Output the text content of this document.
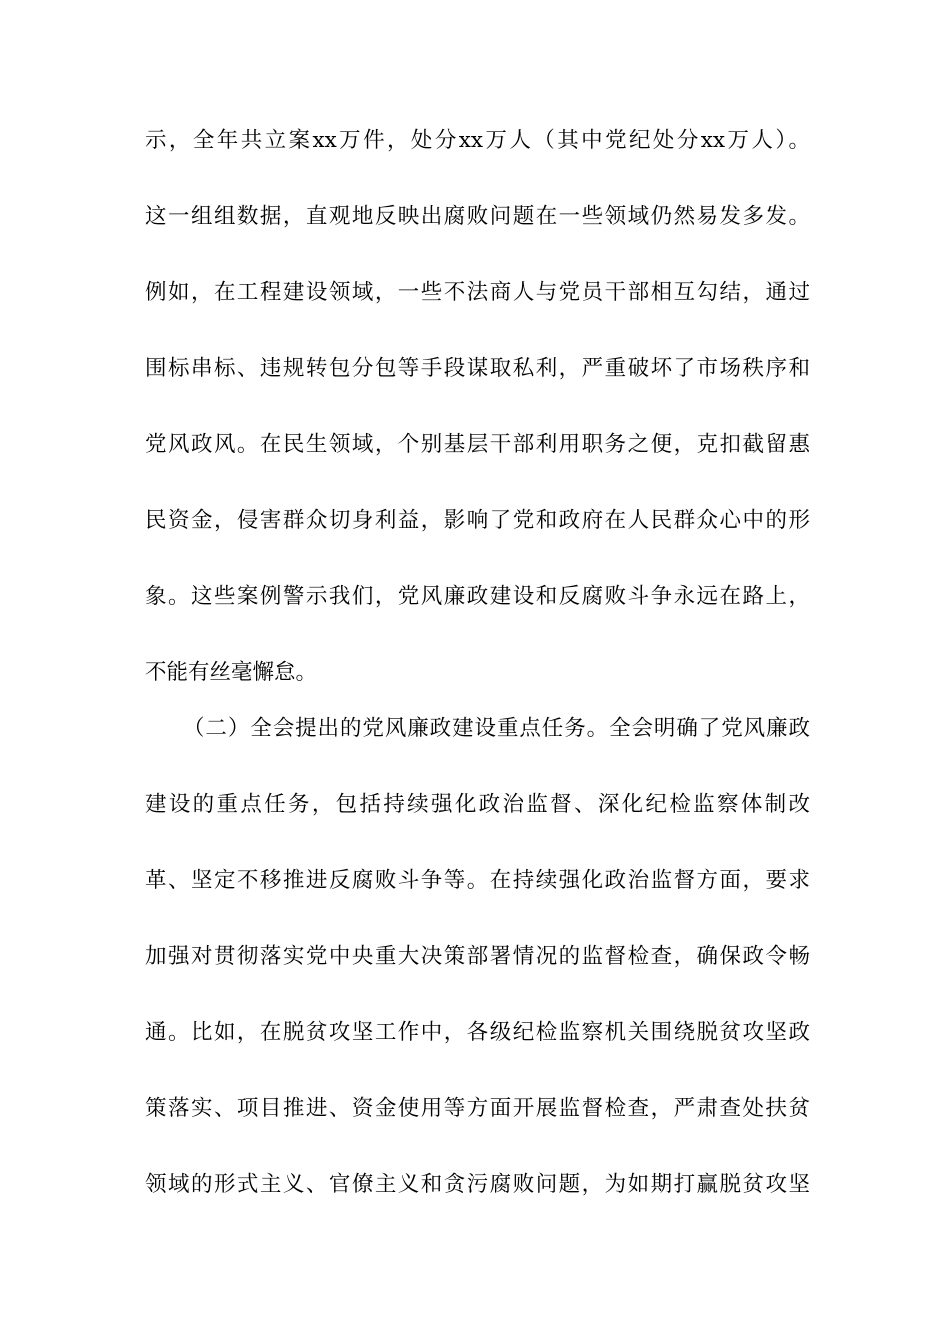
示，全年共立案xx万件，处分xx万人（其中党纪处分xx万人）。
这一组组数据，直观地反映出腐败问题在一些领域仍然易发多发。
例如，在工程建设领域，一些不法商人与党员干部相互勾结，通过
围标串标、违规转包分包等手段谋取私利，严重破坏了市场秩序和
党风政风。在民生领域，个别基层干部利用职务之便，克扣截留惠
民资金，侵害群众切身利益，影响了党和政府在人民群众心中的形
象。这些案例警示我们，党风廉政建设和反腐败斗争永远在路上，
不能有丝毫懈怠。
（二）全会提出的党风廉政建设重点任务。全会明确了党风廉政
建设的重点任务，包括持续强化政治监督、深化纪检监察体制改
革、坚定不移推进反腐败斗争等。在持续强化政治监督方面，要求
加强对贯彻落实党中央重大决策部署情况的监督检查，确保政令畅
通。比如，在脱贫攻坚工作中，各级纪检监察机关围绕脱贫攻坚政
策落实、项目推进、资金使用等方面开展监督检查，严肃查处扶贫
领域的形式主义、官僚主义和贪污腐败问题，为如期打赢脱贫攻坚
